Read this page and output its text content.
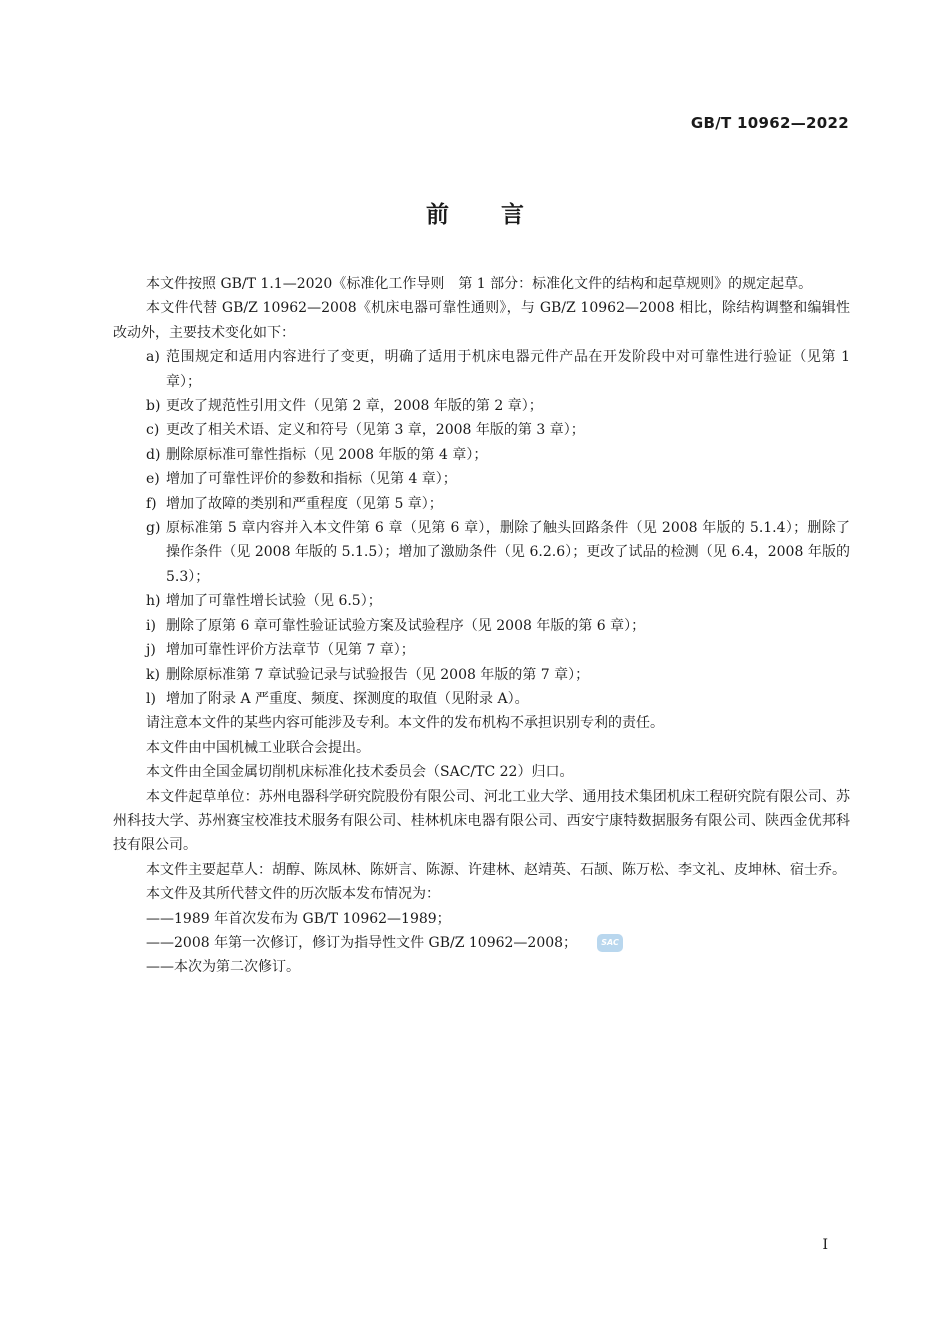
GB/T 10962—2022
前言

本文件按照 GB/T 1.1—2020《标准化工作导则　第 1 部分：标准化文件的结构和起草规则》的规定起草。

本文件代替 GB/Z 10962—2008《机床电器可靠性通则》，与 GB/Z 10962—2008 相比，除结构调整和编辑性改动外，主要技术变化如下：

a) 范围规定和适用内容进行了变更，明确了适用于机床电器元件产品在开发阶段中对可靠性进行验证（见第 1 章）；

b) 更改了规范性引用文件（见第 2 章，2008 年版的第 2 章）；

c) 更改了相关术语、定义和符号（见第 3 章，2008 年版的第 3 章）；

d) 删除原标准可靠性指标（见 2008 年版的第 4 章）；

e) 增加了可靠性评价的参数和指标（见第 4 章）；

f) 增加了故障的类别和严重程度（见第 5 章）；

g) 原标准第 5 章内容并入本文件第 6 章（见第 6 章），删除了触头回路条件（见 2008 年版的 5.1.4）；删除了操作条件（见 2008 年版的 5.1.5）；增加了激励条件（见 6.2.6）；更改了试品的检测（见 6.4，2008 年版的 5.3）；

h) 增加了可靠性增长试验（见 6.5）；

i) 删除了原第 6 章可靠性验证试验方案及试验程序（见 2008 年版的第 6 章）；

j) 增加可靠性评价方法章节（见第 7 章）；

k) 删除原标准第 7 章试验记录与试验报告（见 2008 年版的第 7 章）；

l) 增加了附录 A 严重度、频度、探测度的取值（见附录 A）。

请注意本文件的某些内容可能涉及专利。本文件的发布机构不承担识别专利的责任。

本文件由中国机械工业联合会提出。

本文件由全国金属切削机床标准化技术委员会（SAC/TC 22）归口。

本文件起草单位：苏州电器科学研究院股份有限公司、河北工业大学、通用技术集团机床工程研究院有限公司、苏州科技大学、苏州赛宝校准技术服务有限公司、桂林机床电器有限公司、西安宁康特数据服务有限公司、陕西金优邦科技有限公司。

本文件主要起草人：胡醇、陈凤林、陈妍言、陈源、许建林、赵靖英、石颉、陈万松、李文礼、皮坤林、宿士乔。

本文件及其所代替文件的历次版本发布情况为：

——1989 年首次发布为 GB/T 10962—1989；

——2008 年第一次修订，修订为指导性文件 GB/Z 10962—2008；	SAC

——本次为第二次修订。

I
